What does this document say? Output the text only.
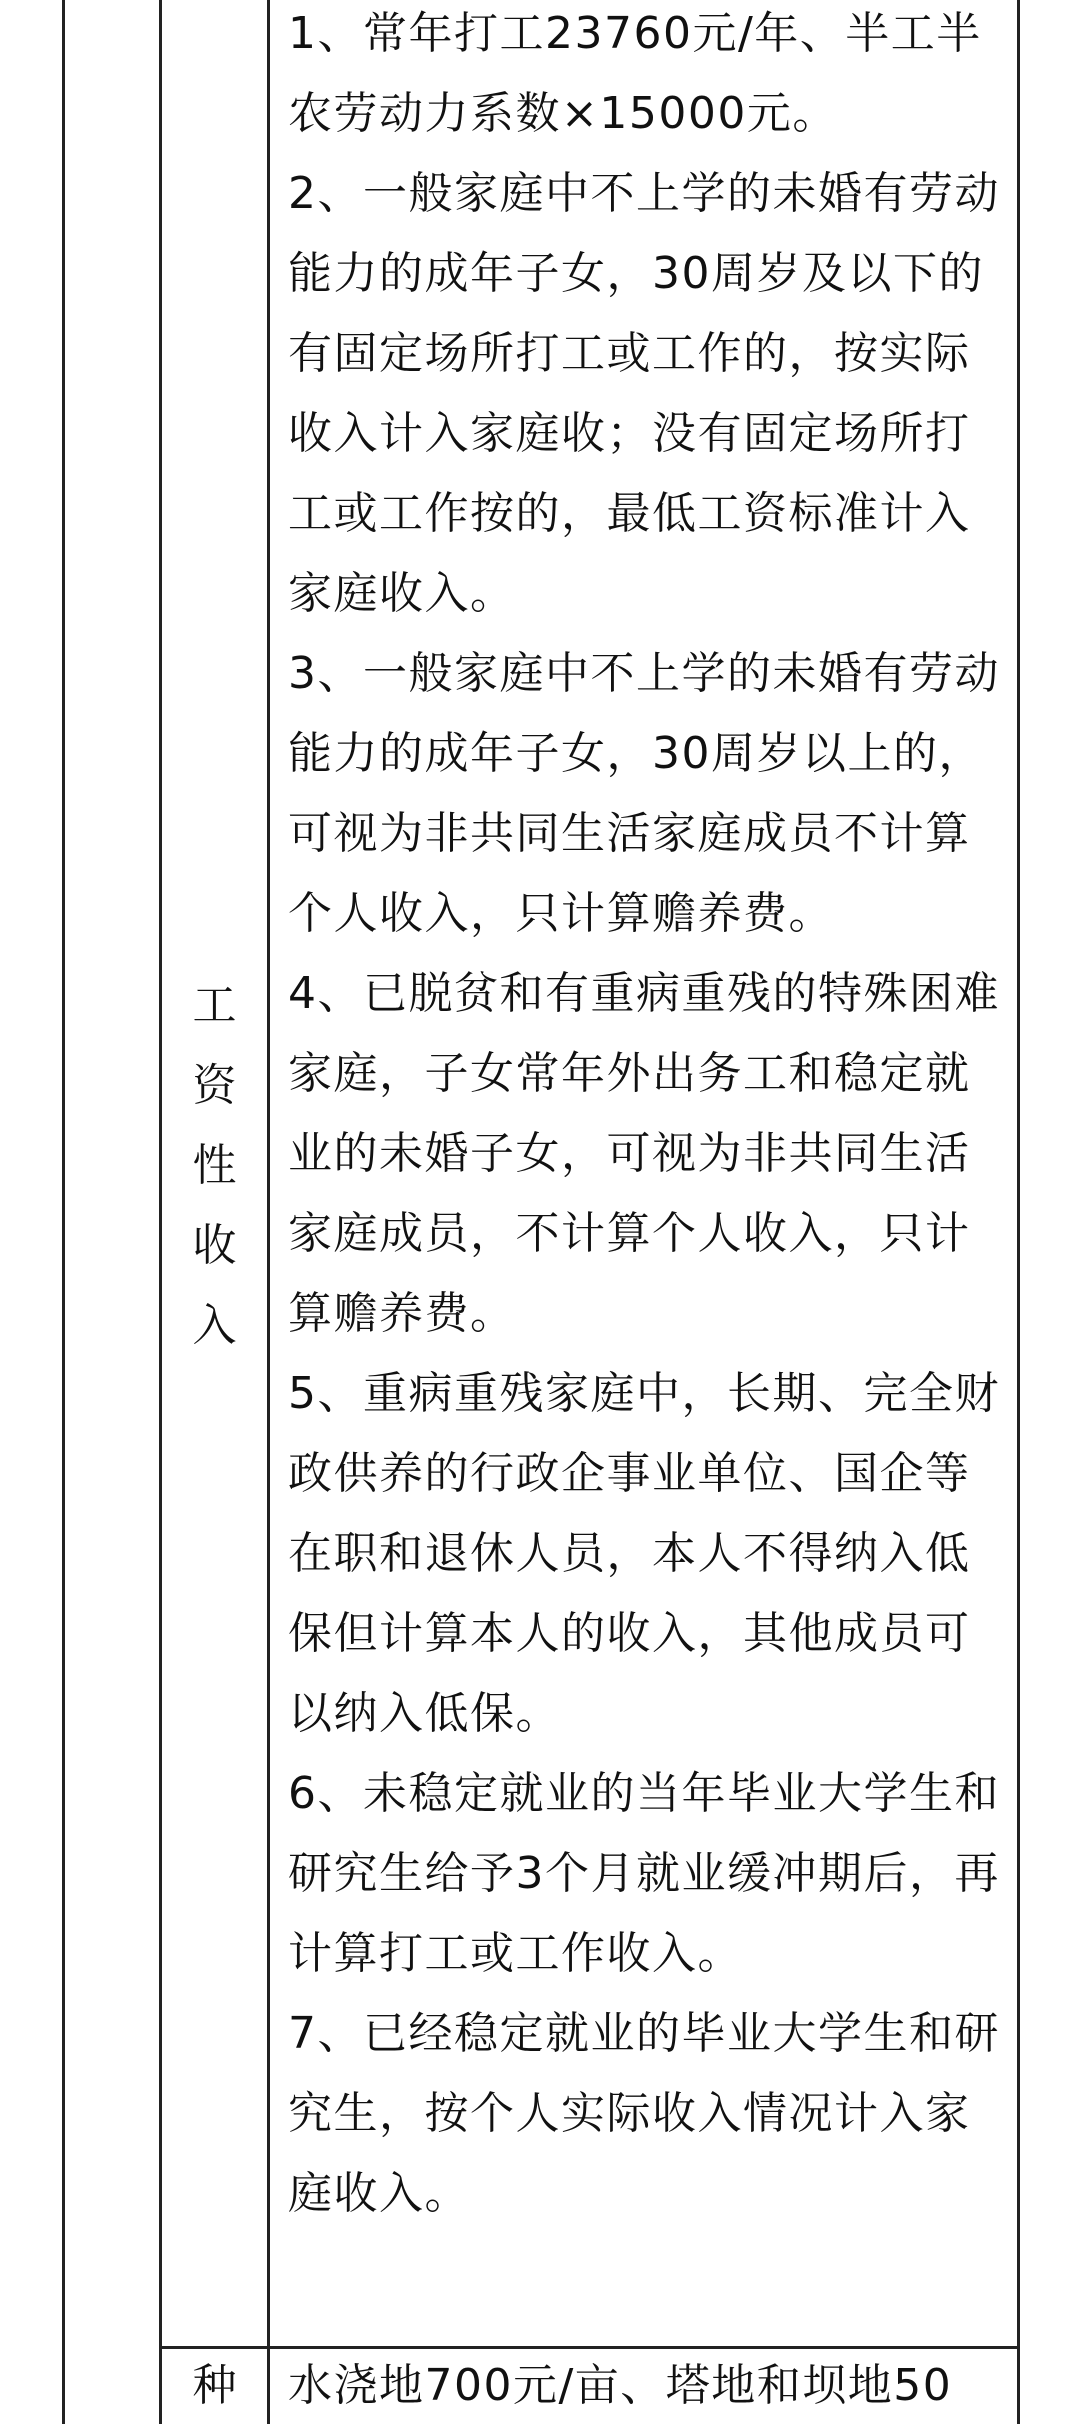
工
资
性
收
入

1、常年打工23760元/年、半工半农劳动力系数×15000元。

2、一般家庭中不上学的未婚有劳动能力的成年子女，30周岁及以下的有固定场所打工或工作的，按实际收入计入家庭收；没有固定场所打工或工作按的，最低工资标准计入家庭收入。

3、一般家庭中不上学的未婚有劳动能力的成年子女，30周岁以上的，可视为非共同生活家庭成员不计算个人收入，只计算赡养费。

4、已脱贫和有重病重残的特殊困难家庭，子女常年外出务工和稳定就业的未婚子女，可视为非共同生活家庭成员，不计算个人收入，只计算赡养费。

5、重病重残家庭中，长期、完全财政供养的行政企事业单位、国企等在职和退休人员，本人不得纳入低保但计算本人的收入，其他成员可以纳入低保。

6、未稳定就业的当年毕业大学生和研究生给予3个月就业缓冲期后，再计算打工或工作收入。

7、已经稳定就业的毕业大学生和研究生，按个人实际收入情况计入家庭收入。

种	水浇地700元/亩、塔地和坝地50
